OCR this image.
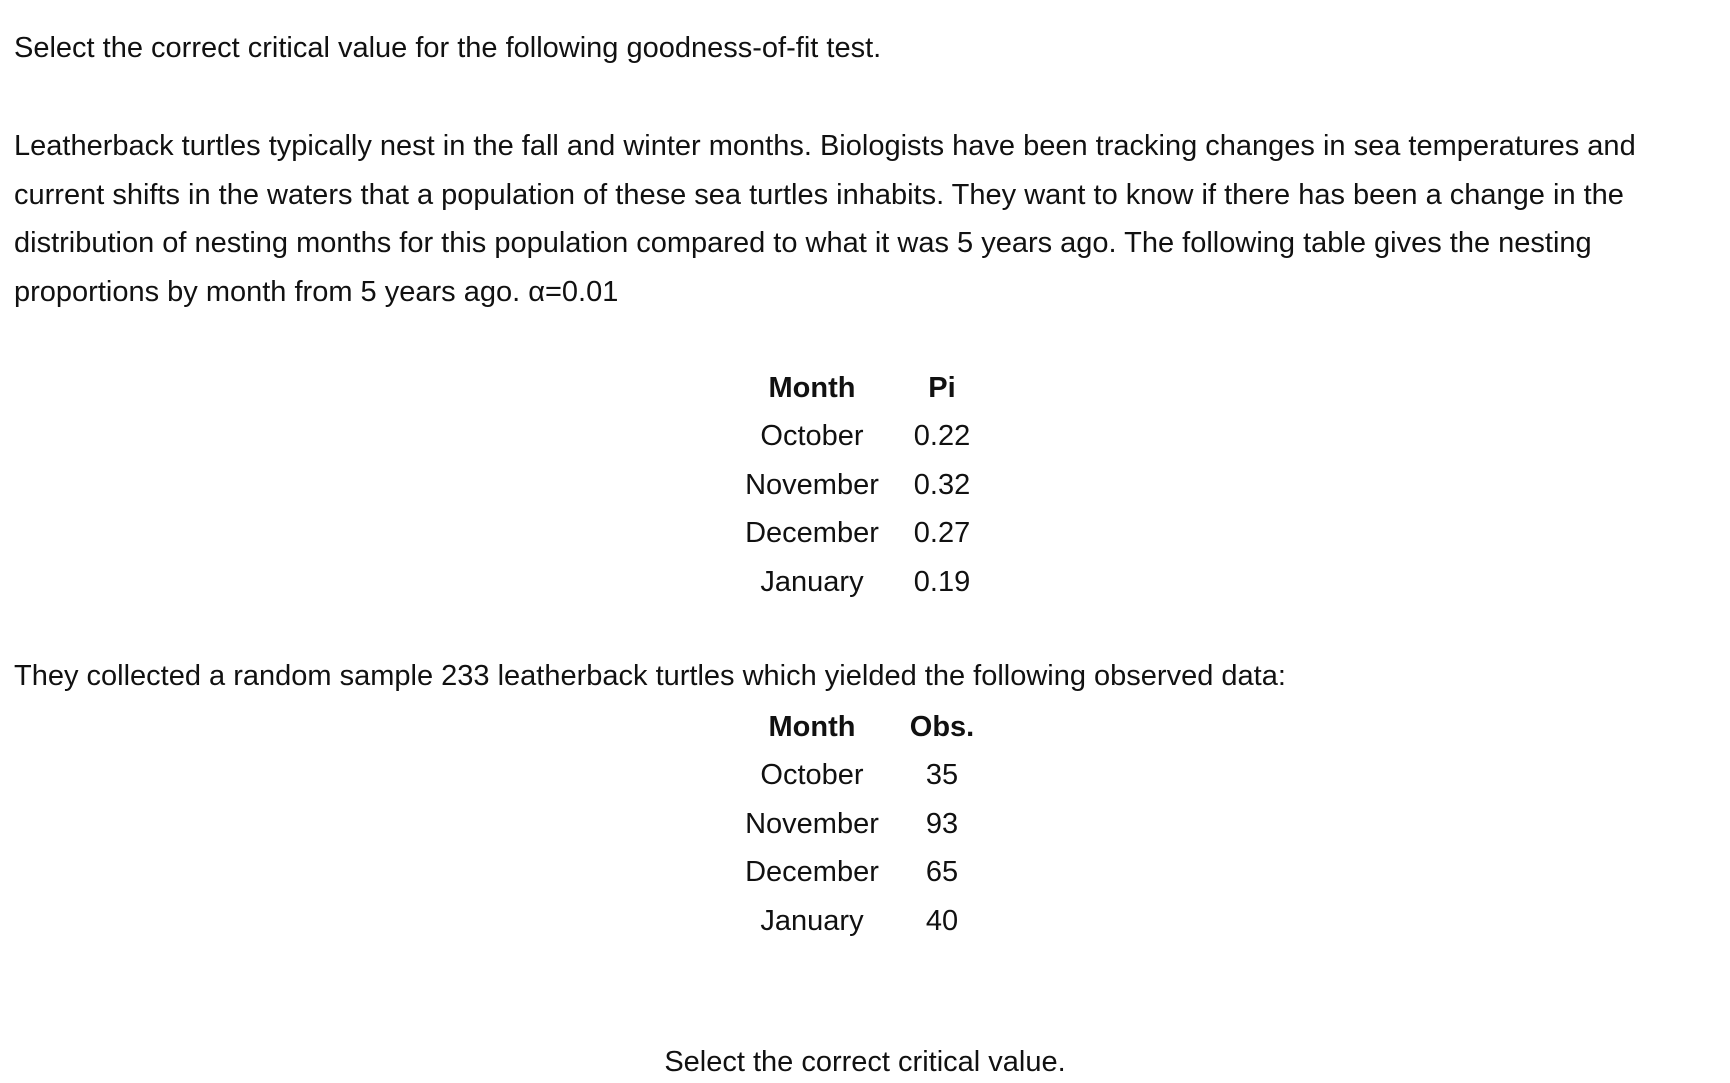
Select the correct critical value for the following goodness-of-fit test.

Leatherback turtles typically nest in the fall and winter months. Biologists have been tracking changes in sea temperatures and current shifts in the waters that a population of these sea turtles inhabits. They want to know if there has been a change in the distribution of nesting months for this population compared to what it was 5 years ago. The following table gives the nesting proportions by month from 5 years ago. α=0.01

Month	Pi
October	0.22
November	0.32
December	0.27
January	0.19

They collected a random sample 233 leatherback turtles which yielded the following observed data:

Month	Obs.
October	35
November	93
December	65
January	40

Select the correct critical value.
